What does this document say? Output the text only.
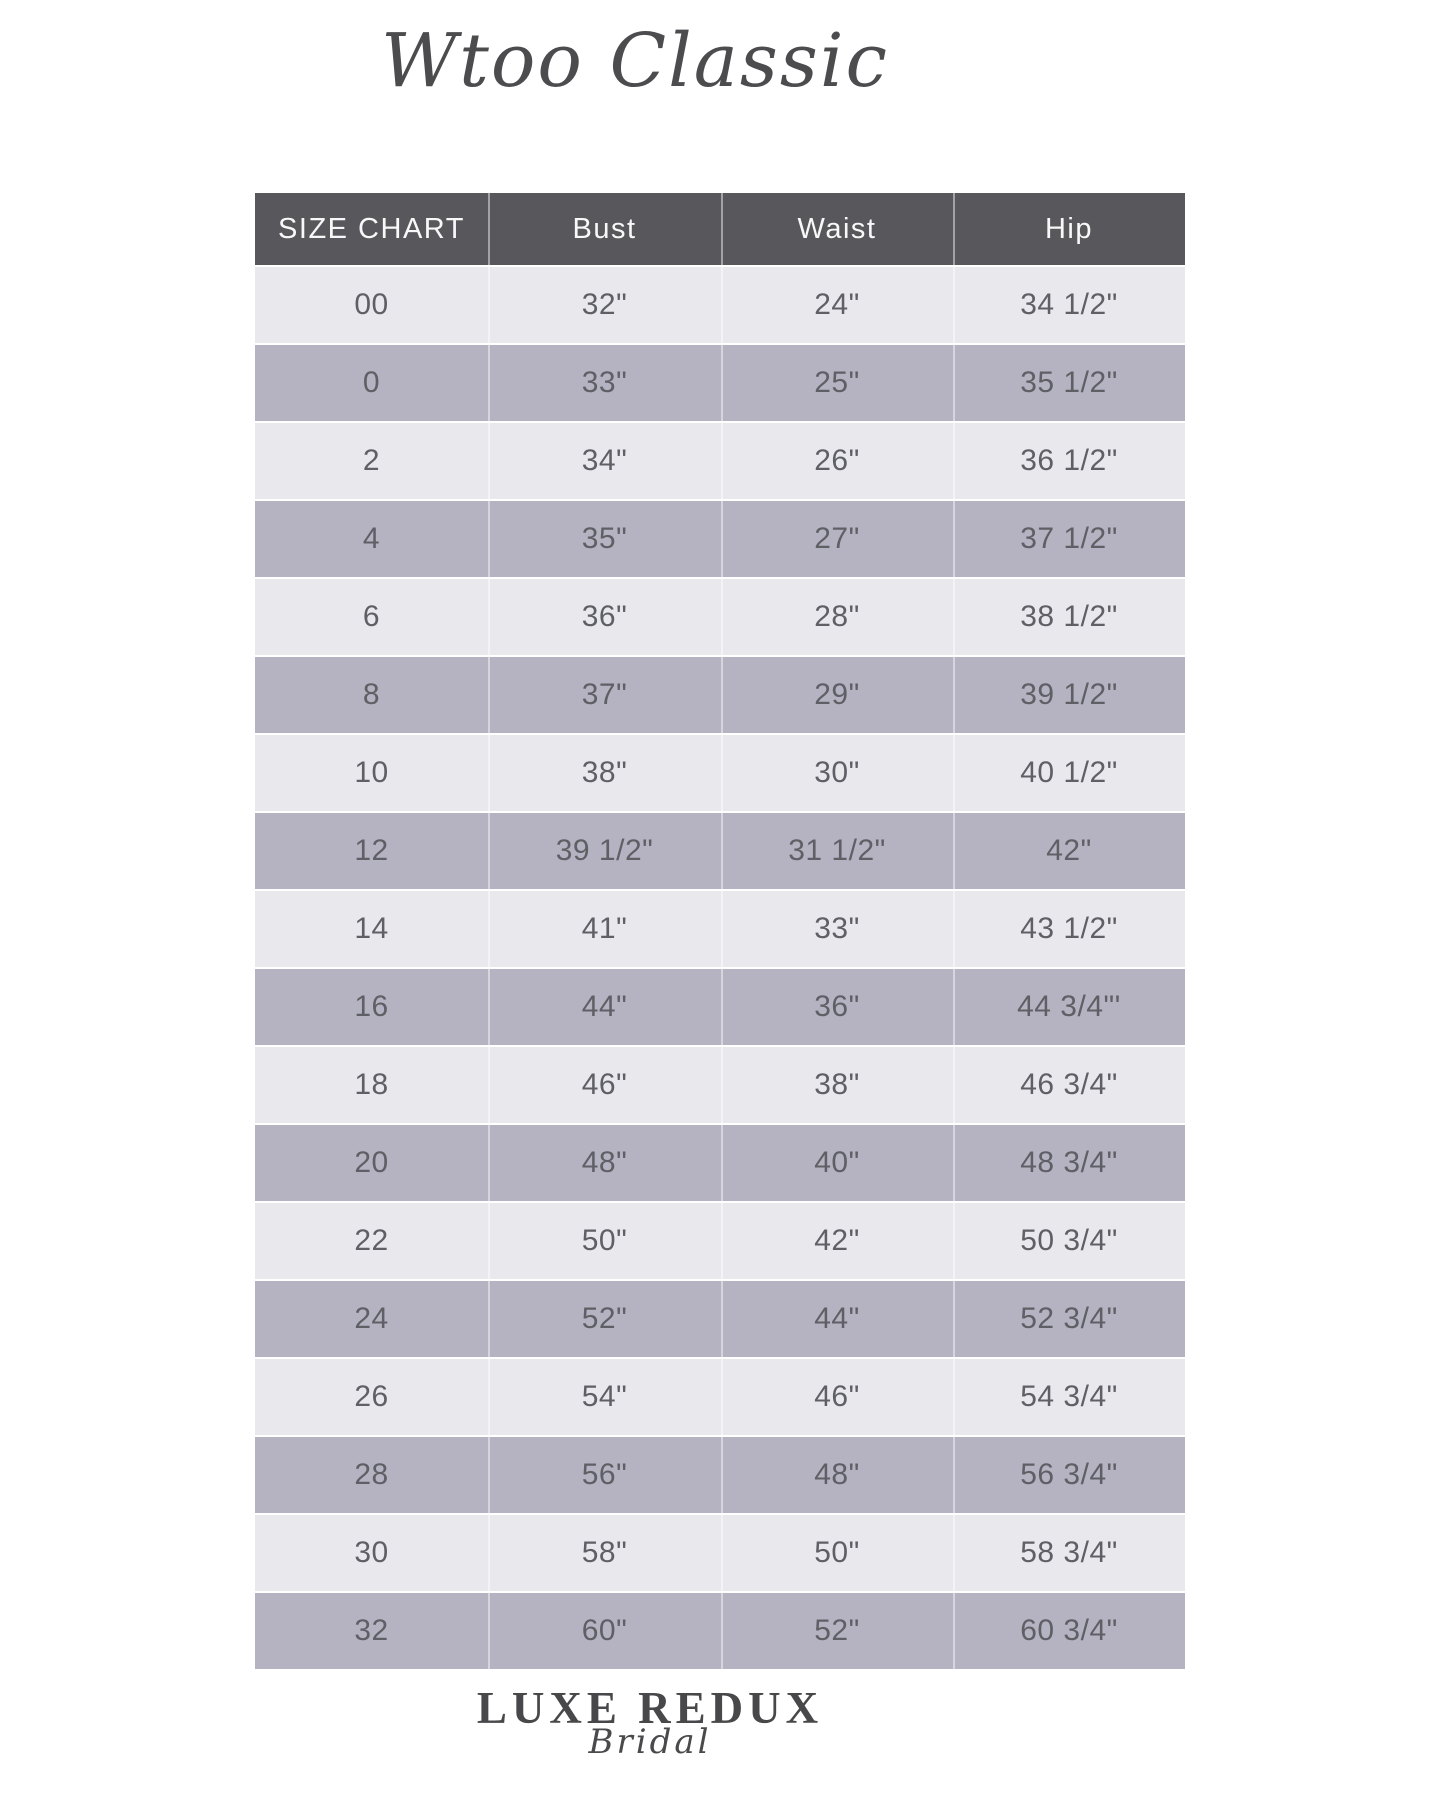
Wtoo Classic
SIZE CHART	Bust	Waist	Hip
00	32"	24"	34 1/2"
0	33"	25"	35 1/2"
2	34"	26"	36 1/2"
4	35"	27"	37 1/2"
6	36"	28"	38 1/2"
8	37"	29"	39 1/2"
10	38"	30"	40 1/2"
12	39 1/2"	31 1/2"	42"
14	41"	33"	43 1/2"
16	44"	36"	44 3/4"'
18	46"	38"	46 3/4"
20	48"	40"	48 3/4"
22	50"	42"	50 3/4"
24	52"	44"	52 3/4"
26	54"	46"	54 3/4"
28	56"	48"	56 3/4"
30	58"	50"	58 3/4"
32	60"	52"	60 3/4"
LUXE REDUX
Bridal
